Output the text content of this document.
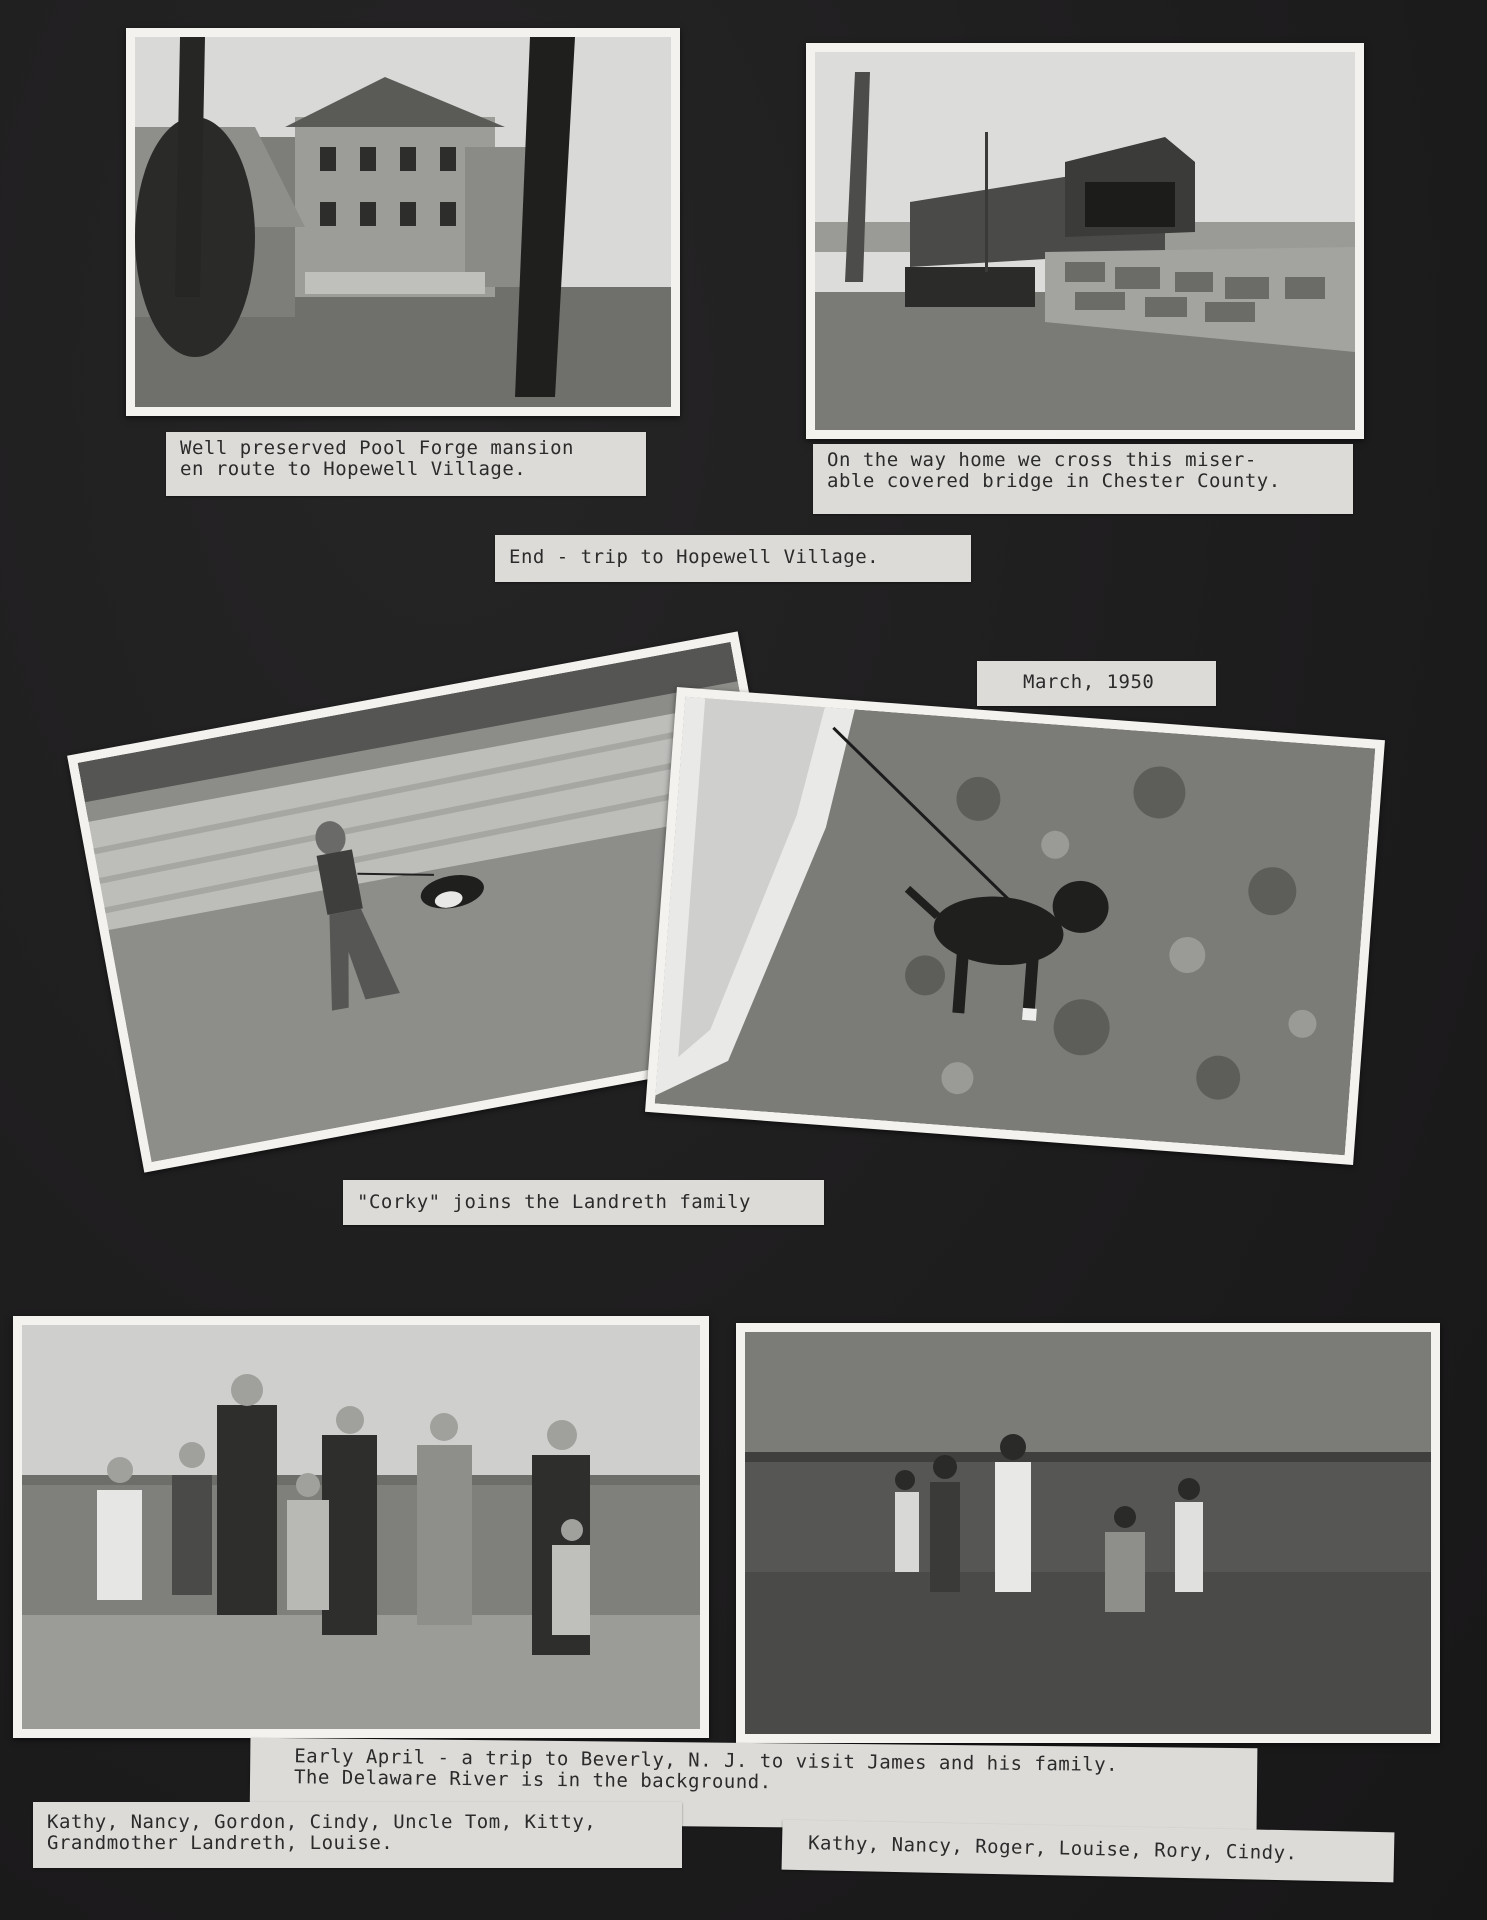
Well preserved Pool Forge mansion
en route to Hopewell Village.	On the way home we cross this miser-
able covered bridge in Chester County.
End - trip to Hopewell Village.
March, 1950
"Corky" joins the Landreth family
Early April - a trip to Beverly, N. J. to visit James and his family.
The Delaware River is in the background.
Kathy, Nancy, Gordon, Cindy, Uncle Tom, Kitty,
Grandmother Landreth, Louise.	Kathy, Nancy, Roger, Louise, Rory, Cindy.
